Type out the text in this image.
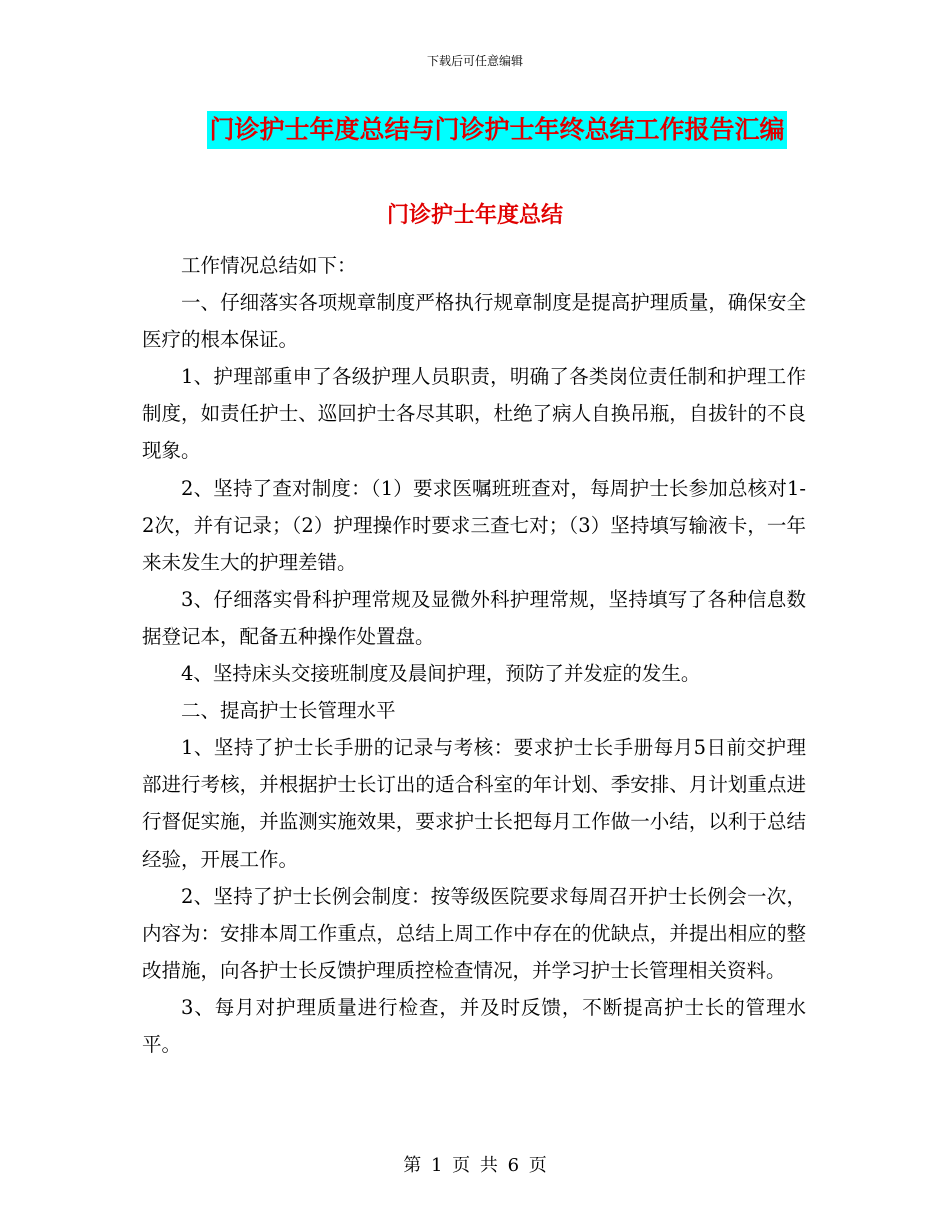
下载后可任意编辑
门诊护士年度总结与门诊护士年终总结工作报告汇编
门诊护士年度总结

工作情况总结如下：

一、仔细落实各项规章制度严格执行规章制度是提高护理质量，确保安全医疗的根本保证。

1、护理部重申了各级护理人员职责，明确了各类岗位责任制和护理工作制度，如责任护士、巡回护士各尽其职，杜绝了病人自换吊瓶，自拔针的不良现象。

2、坚持了查对制度：（1）要求医嘱班班查对，每周护士长参加总核对1-2次，并有记录；（2）护理操作时要求三查七对；（3）坚持填写输液卡，一年来未发生大的护理差错。

3、仔细落实骨科护理常规及显微外科护理常规，坚持填写了各种信息数据登记本，配备五种操作处置盘。

4、坚持床头交接班制度及晨间护理，预防了并发症的发生。

二、提高护士长管理水平

1、坚持了护士长手册的记录与考核：要求护士长手册每月5日前交护理部进行考核，并根据护士长订出的适合科室的年计划、季安排、月计划重点进行督促实施，并监测实施效果，要求护士长把每月工作做一小结，以利于总结经验，开展工作。

2、坚持了护士长例会制度：按等级医院要求每周召开护士长例会一次，内容为：安排本周工作重点，总结上周工作中存在的优缺点，并提出相应的整改措施，向各护士长反馈护理质控检查情况，并学习护士长管理相关资料。

3、每月对护理质量进行检查，并及时反馈，不断提高护士长的管理水平。

第 1 页 共 6 页
